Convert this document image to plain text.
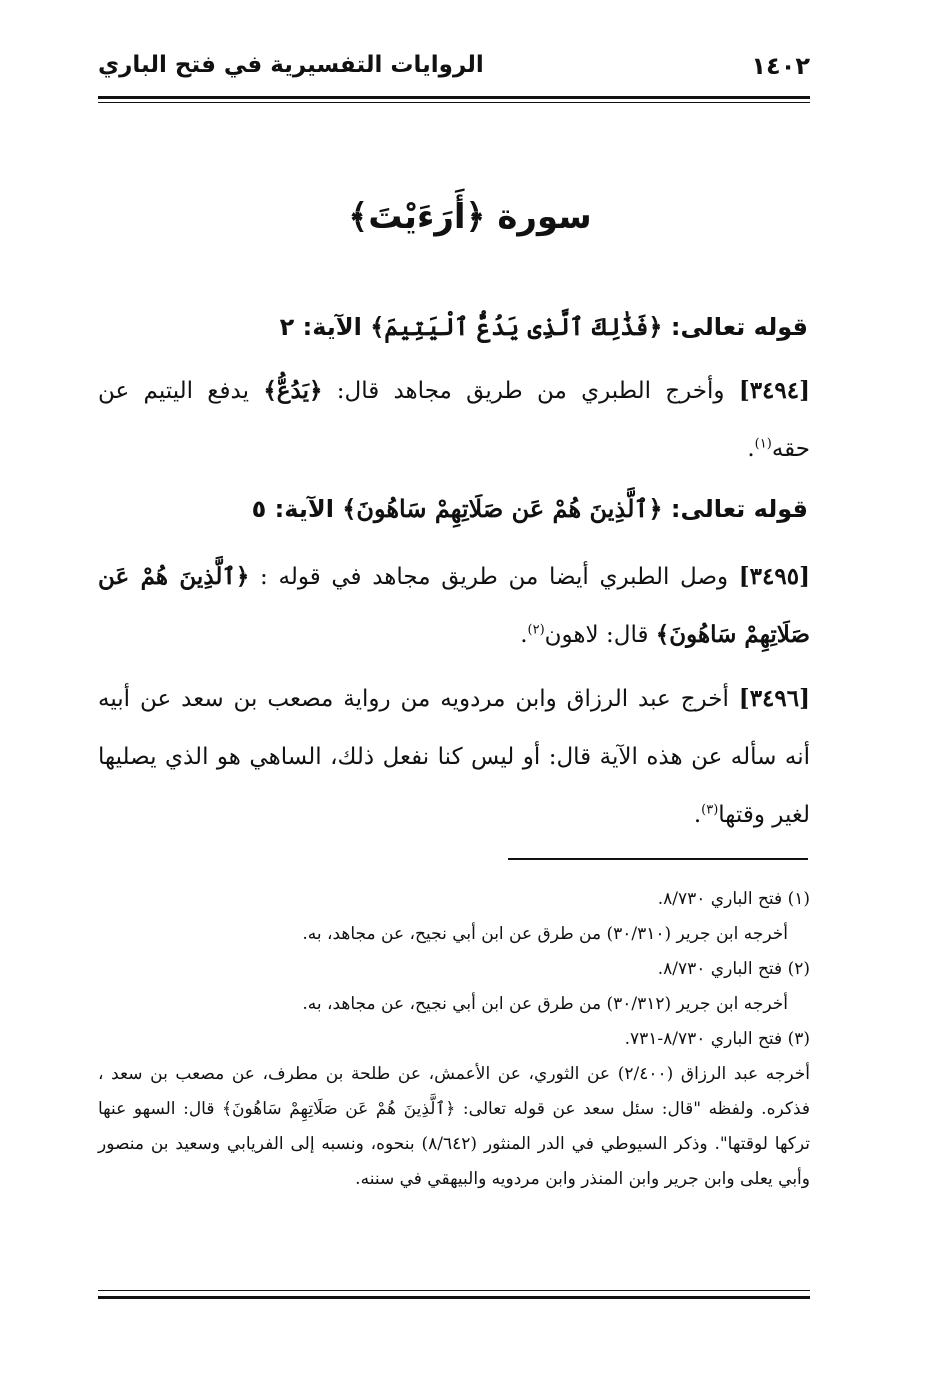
١٤٠٢
الروايات التفسيرية في فتح الباري
سورة ﴿أَرَءَيْتَ﴾
قوله تعالى: ﴿فَذَٰلِكَ ٱلَّذِى يَدُعُّ ٱلْيَتِيمَ﴾ الآية: ٢
[٣٤٩٤] وأخرج الطبري من طريق مجاهد قال: ﴿يَدُعُّ﴾ يدفع اليتيم عن حقه$^{(١)}$.
قوله تعالى: ﴿ٱلَّذِينَ هُمْ عَن صَلَاتِهِمْ سَاهُونَ﴾ الآية: ٥
[٣٤٩٥] وصل الطبري أيضا من طريق مجاهد في قوله : ﴿ٱلَّذِينَ هُمْ عَن صَلَاتِهِمْ سَاهُونَ﴾ قال: لاهون$^{(٢)}$.
[٣٤٩٦] أخرج عبد الرزاق وابن مردويه من رواية مصعب بن سعد عن أبيه أنه سأله عن هذه الآية قال: أو ليس كنا نفعل ذلك، الساهي هو الذي يصليها لغير وقتها$^{(٣)}$.

(١) فتح الباري ٨/٧٣٠.

أخرجه ابن جرير (٣٠/٣١٠) من طرق عن ابن أبي نجيح، عن مجاهد، به.

(٢) فتح الباري ٨/٧٣٠.

أخرجه ابن جرير (٣٠/٣١٢) من طرق عن ابن أبي نجيح، عن مجاهد، به.

(٣) فتح الباري ٨/٧٣٠-٧٣١.

أخرجه عبد الرزاق (٢/٤٠٠) عن الثوري، عن الأعمش، عن طلحة بن مطرف، عن مصعب بن سعد ، فذكره. ولفظه "قال: سئل سعد عن قوله تعالى: ﴿ٱلَّذِينَ هُمْ عَن صَلَاتِهِمْ سَاهُونَ﴾ قال: السهو عنها تركها لوقتها". وذكر السيوطي في الدر المنثور (٨/٦٤٢) بنحوه، ونسبه إلى الفريابي وسعيد بن منصور وأبي يعلى وابن جرير وابن المنذر وابن مردويه والبيهقي في سننه.
